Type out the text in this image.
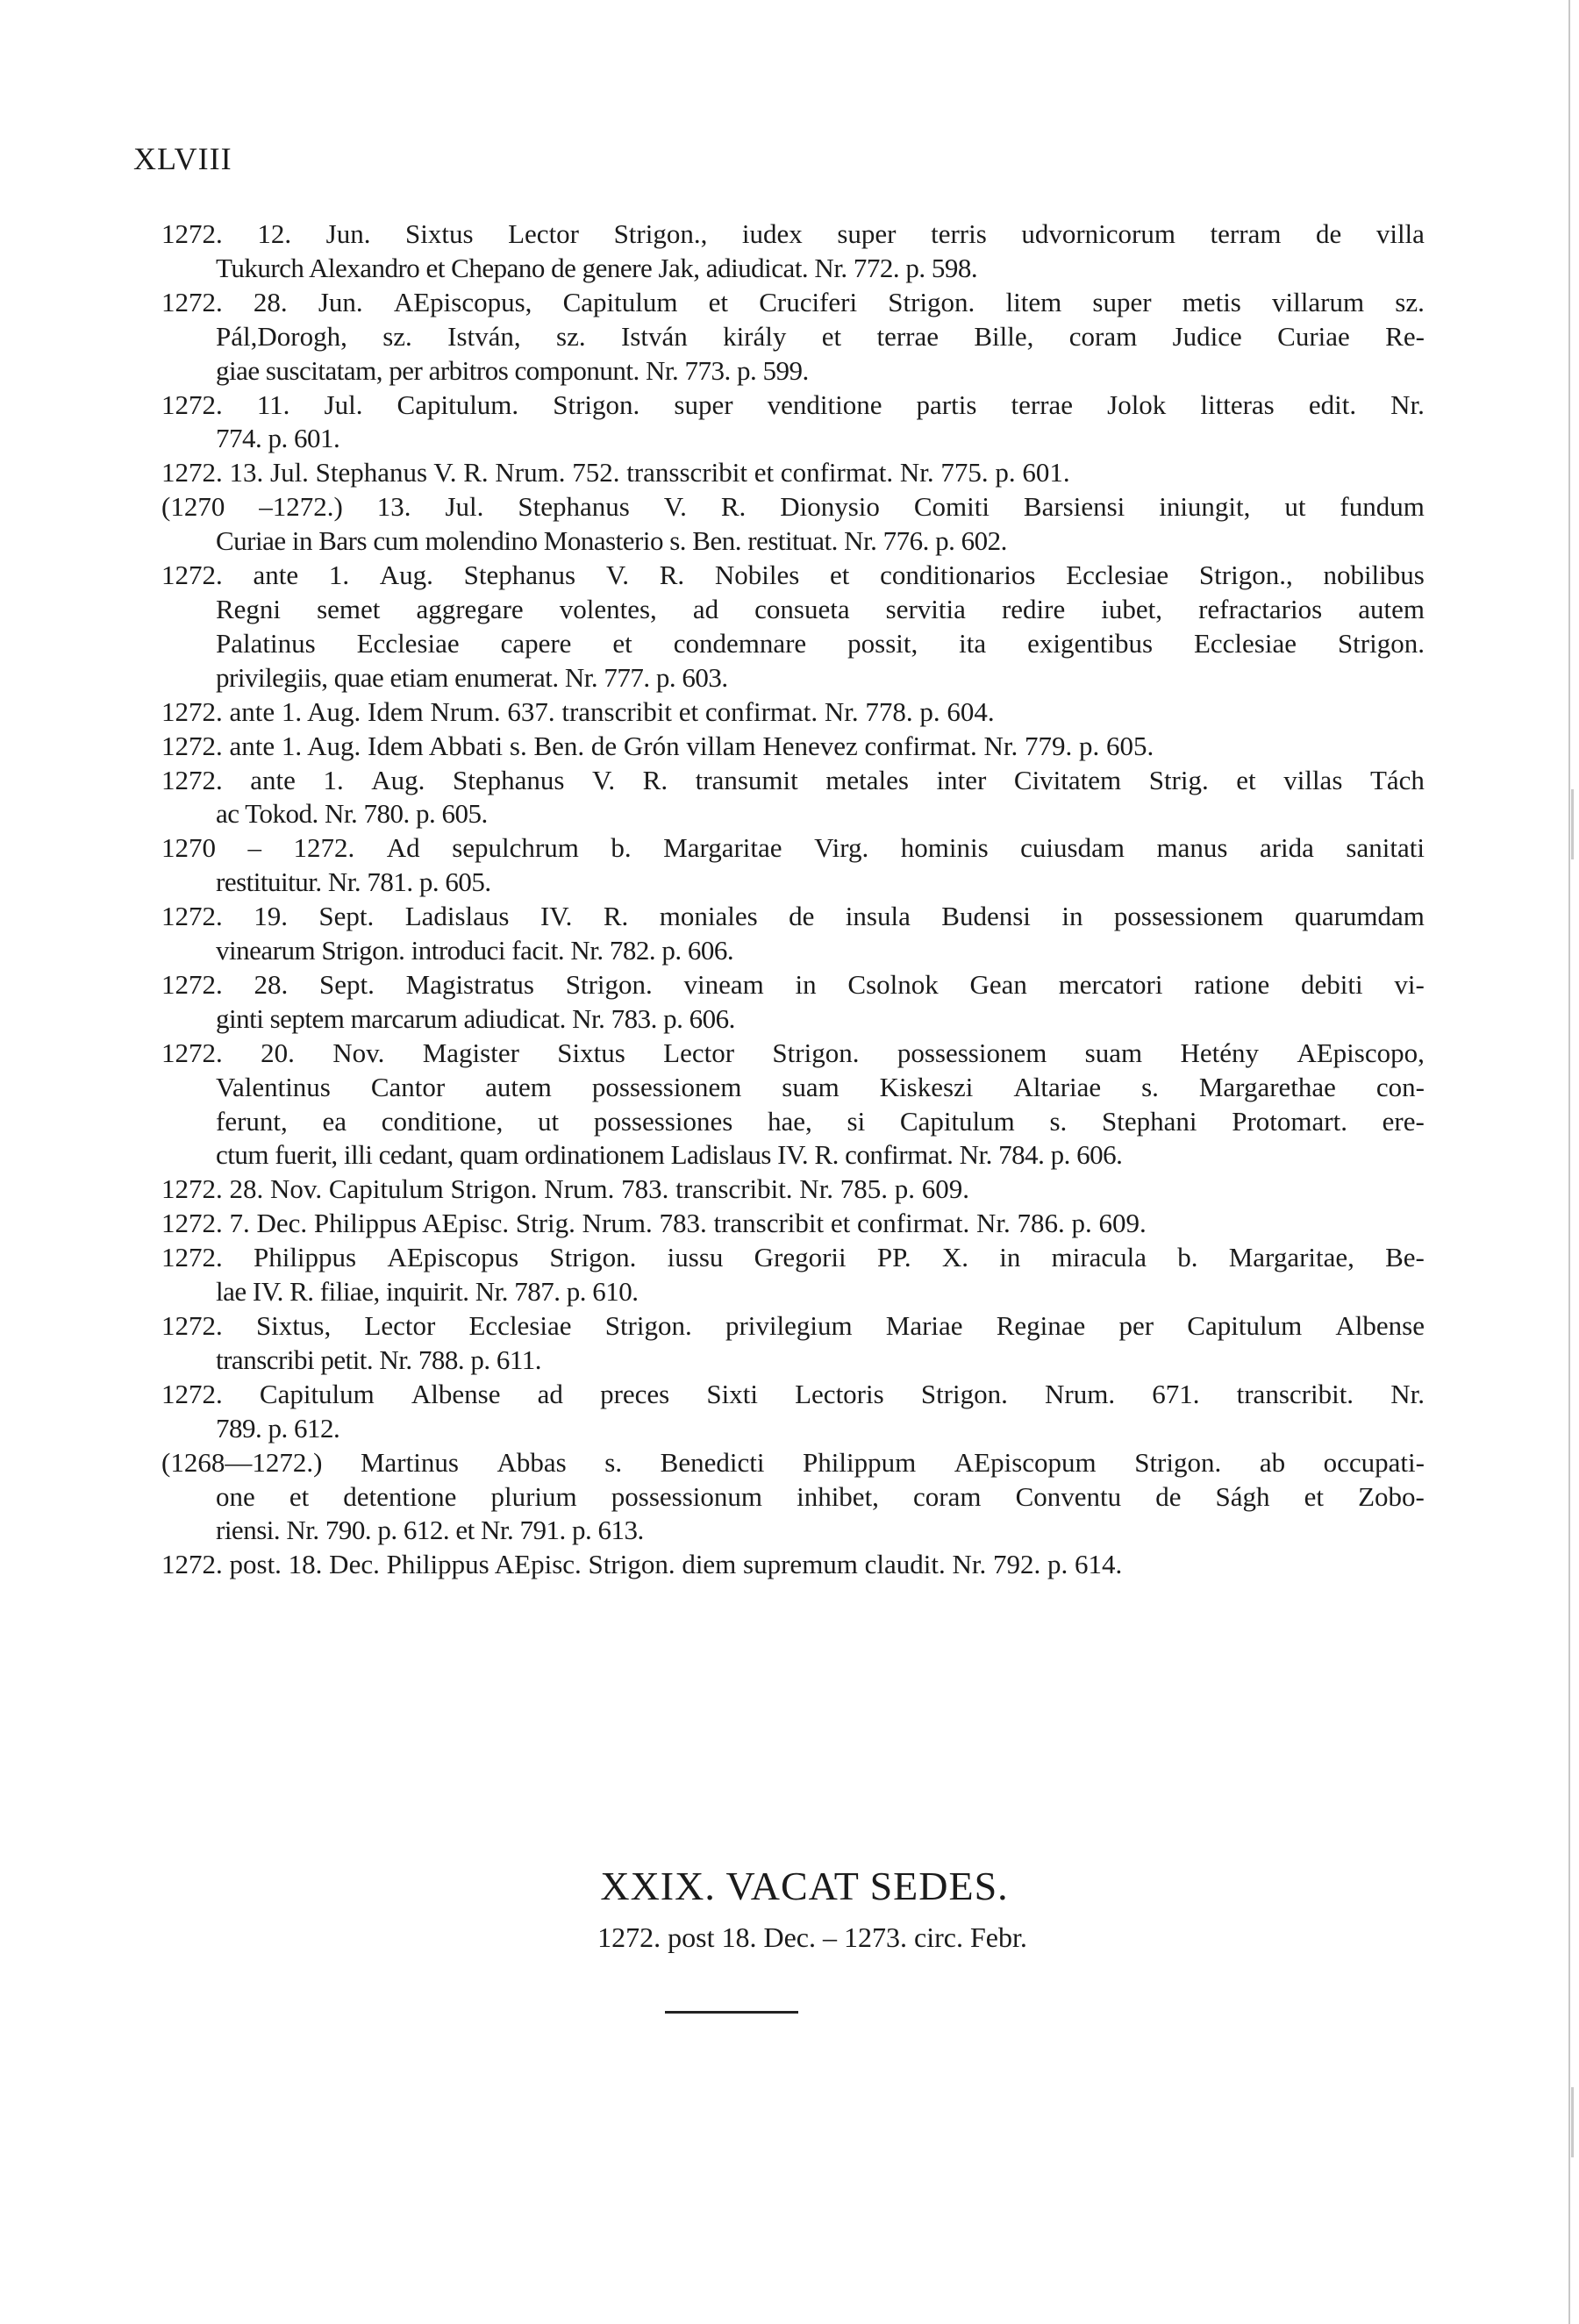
XLVIII
1272. 12. Jun. Sixtus Lector Strigon., iudex super terris udvornicorum terram de villa
Tukurch Alexandro et Chepano de genere Jak, adiudicat. Nr. 772. p. 598.
1272. 28. Jun. AEpiscopus, Capitulum et Cruciferi Strigon. litem super metis villarum sz.
Pál,Dorogh, sz. István, sz. István király et terrae Bille, coram Judice Curiae Re-
giae suscitatam, per arbitros componunt. Nr. 773. p. 599.
1272. 11. Jul. Capitulum. Strigon. super venditione partis terrae Jolok litteras edit. Nr.
774. p. 601.
1272. 13. Jul. Stephanus V. R. Nrum. 752. transscribit et confirmat. Nr. 775. p. 601.
(1270 –1272.) 13. Jul. Stephanus V. R. Dionysio Comiti Barsiensi iniungit, ut fundum
Curiae in Bars cum molendino Monasterio s. Ben. restituat. Nr. 776. p. 602.
1272. ante 1. Aug. Stephanus V. R. Nobiles et conditionarios Ecclesiae Strigon., nobilibus
Regni semet aggregare volentes, ad consueta servitia redire iubet, refractarios autem
Palatinus Ecclesiae capere et condemnare possit, ita exigentibus Ecclesiae Strigon.
privilegiis, quae etiam enumerat. Nr. 777. p. 603.
1272. ante 1. Aug. Idem Nrum. 637. transcribit et confirmat. Nr. 778. p. 604.
1272. ante 1. Aug. Idem Abbati s. Ben. de Grón villam Henevez confirmat. Nr. 779. p. 605.
1272. ante 1. Aug. Stephanus V. R. transumit metales inter Civitatem Strig. et villas Tách
ac Tokod. Nr. 780. p. 605.
1270 – 1272. Ad sepulchrum b. Margaritae Virg. hominis cuiusdam manus arida sanitati
restituitur. Nr. 781. p. 605.
1272. 19. Sept. Ladislaus IV. R. moniales de insula Budensi in possessionem quarumdam
vinearum Strigon. introduci facit. Nr. 782. p. 606.
1272. 28. Sept. Magistratus Strigon. vineam in Csolnok Gean mercatori ratione debiti vi-
ginti septem marcarum adiudicat. Nr. 783. p. 606.
1272. 20. Nov. Magister Sixtus Lector Strigon. possessionem suam Hetény AEpiscopo,
Valentinus Cantor autem possessionem suam Kiskeszi Altariae s. Margarethae con-
ferunt, ea conditione, ut possessiones hae, si Capitulum s. Stephani Protomart. ere-
ctum fuerit, illi cedant, quam ordinationem Ladislaus IV. R. confirmat. Nr. 784. p. 606.
1272. 28. Nov. Capitulum Strigon. Nrum. 783. transcribit. Nr. 785. p. 609.
1272. 7. Dec. Philippus AEpisc. Strig. Nrum. 783. transcribit et confirmat. Nr. 786. p. 609.
1272. Philippus AEpiscopus Strigon. iussu Gregorii PP. X. in miracula b. Margaritae, Be-
lae IV. R. filiae, inquirit. Nr. 787. p. 610.
1272. Sixtus, Lector Ecclesiae Strigon. privilegium Mariae Reginae per Capitulum Albense
transcribi petit. Nr. 788. p. 611.
1272. Capitulum Albense ad preces Sixti Lectoris Strigon. Nrum. 671. transcribit. Nr.
789. p. 612.
(1268—1272.) Martinus Abbas s. Benedicti Philippum AEpiscopum Strigon. ab occupati-
one et detentione plurium possessionum inhibet, coram Conventu de Ságh et Zobo-
riensi. Nr. 790. p. 612. et Nr. 791. p. 613.
1272. post. 18. Dec. Philippus AEpisc. Strigon. diem supremum claudit. Nr. 792. p. 614.
XXIX. VACAT SEDES.
1272. post 18. Dec. – 1273. circ. Febr.
